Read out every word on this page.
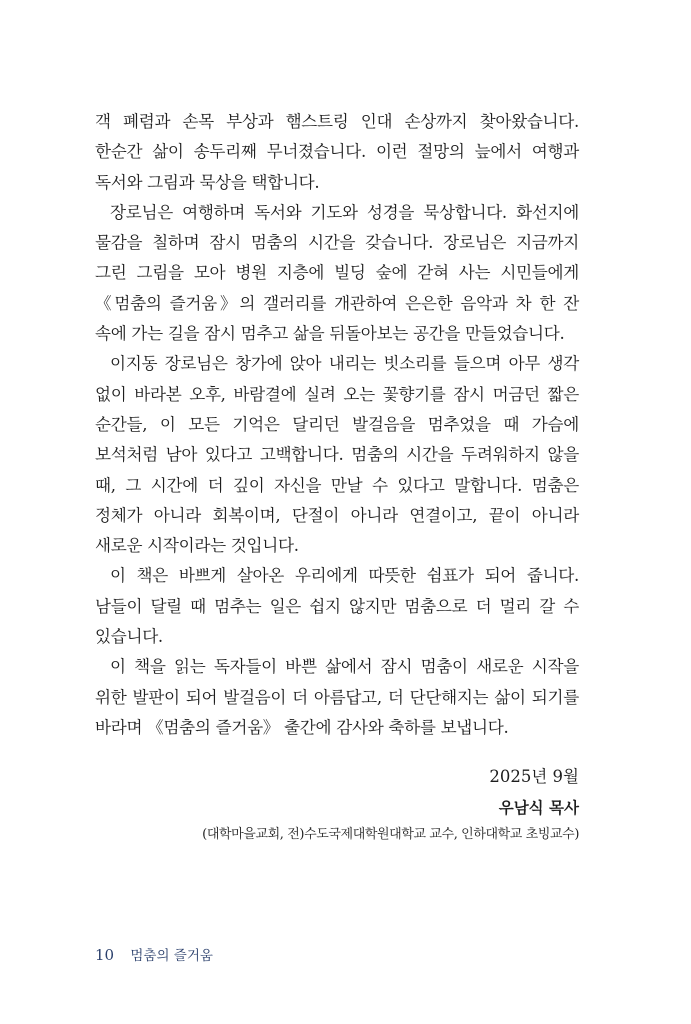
객 폐렴과 손목 부상과 햄스트링 인대 손상까지 찾아왔습니다. 한순간 삶이 송두리째 무너졌습니다. 이런 절망의 늪에서 여행과 독서와 그림과 묵상을 택합니다.

장로님은 여행하며 독서와 기도와 성경을 묵상합니다. 화선지에 물감을 칠하며 잠시 멈춤의 시간을 갖습니다. 장로님은 지금까지 그린 그림을 모아 병원 지층에 빌딩 숲에 갇혀 사는 시민들에게 《멈춤의 즐거움》의 갤러리를 개관하여 은은한 음악과 차 한 잔 속에 가는 길을 잠시 멈추고 삶을 뒤돌아보는 공간을 만들었습니다.

이지동 장로님은 창가에 앉아 내리는 빗소리를 들으며 아무 생각 없이 바라본 오후, 바람결에 실려 오는 꽃향기를 잠시 머금던 짧은 순간들, 이 모든 기억은 달리던 발걸음을 멈추었을 때 가슴에 보석처럼 남아 있다고 고백합니다. 멈춤의 시간을 두려워하지 않을 때, 그 시간에 더 깊이 자신을 만날 수 있다고 말합니다. 멈춤은 정체가 아니라 회복이며, 단절이 아니라 연결이고, 끝이 아니라 새로운 시작이라는 것입니다.

이 책은 바쁘게 살아온 우리에게 따뜻한 쉼표가 되어 줍니다. 남들이 달릴 때 멈추는 일은 쉽지 않지만 멈춤으로 더 멀리 갈 수 있습니다.

이 책을 읽는 독자들이 바쁜 삶에서 잠시 멈춤이 새로운 시작을 위한 발판이 되어 발걸음이 더 아름답고, 더 단단해지는 삶이 되기를 바라며 《멈춤의 즐거움》 출간에 감사와 축하를 보냅니다.

2025년 9월
우남식 목사
(대학마을교회, 전)수도국제대학원대학교 교수, 인하대학교 초빙교수)
10 멈춤의 즐거움
